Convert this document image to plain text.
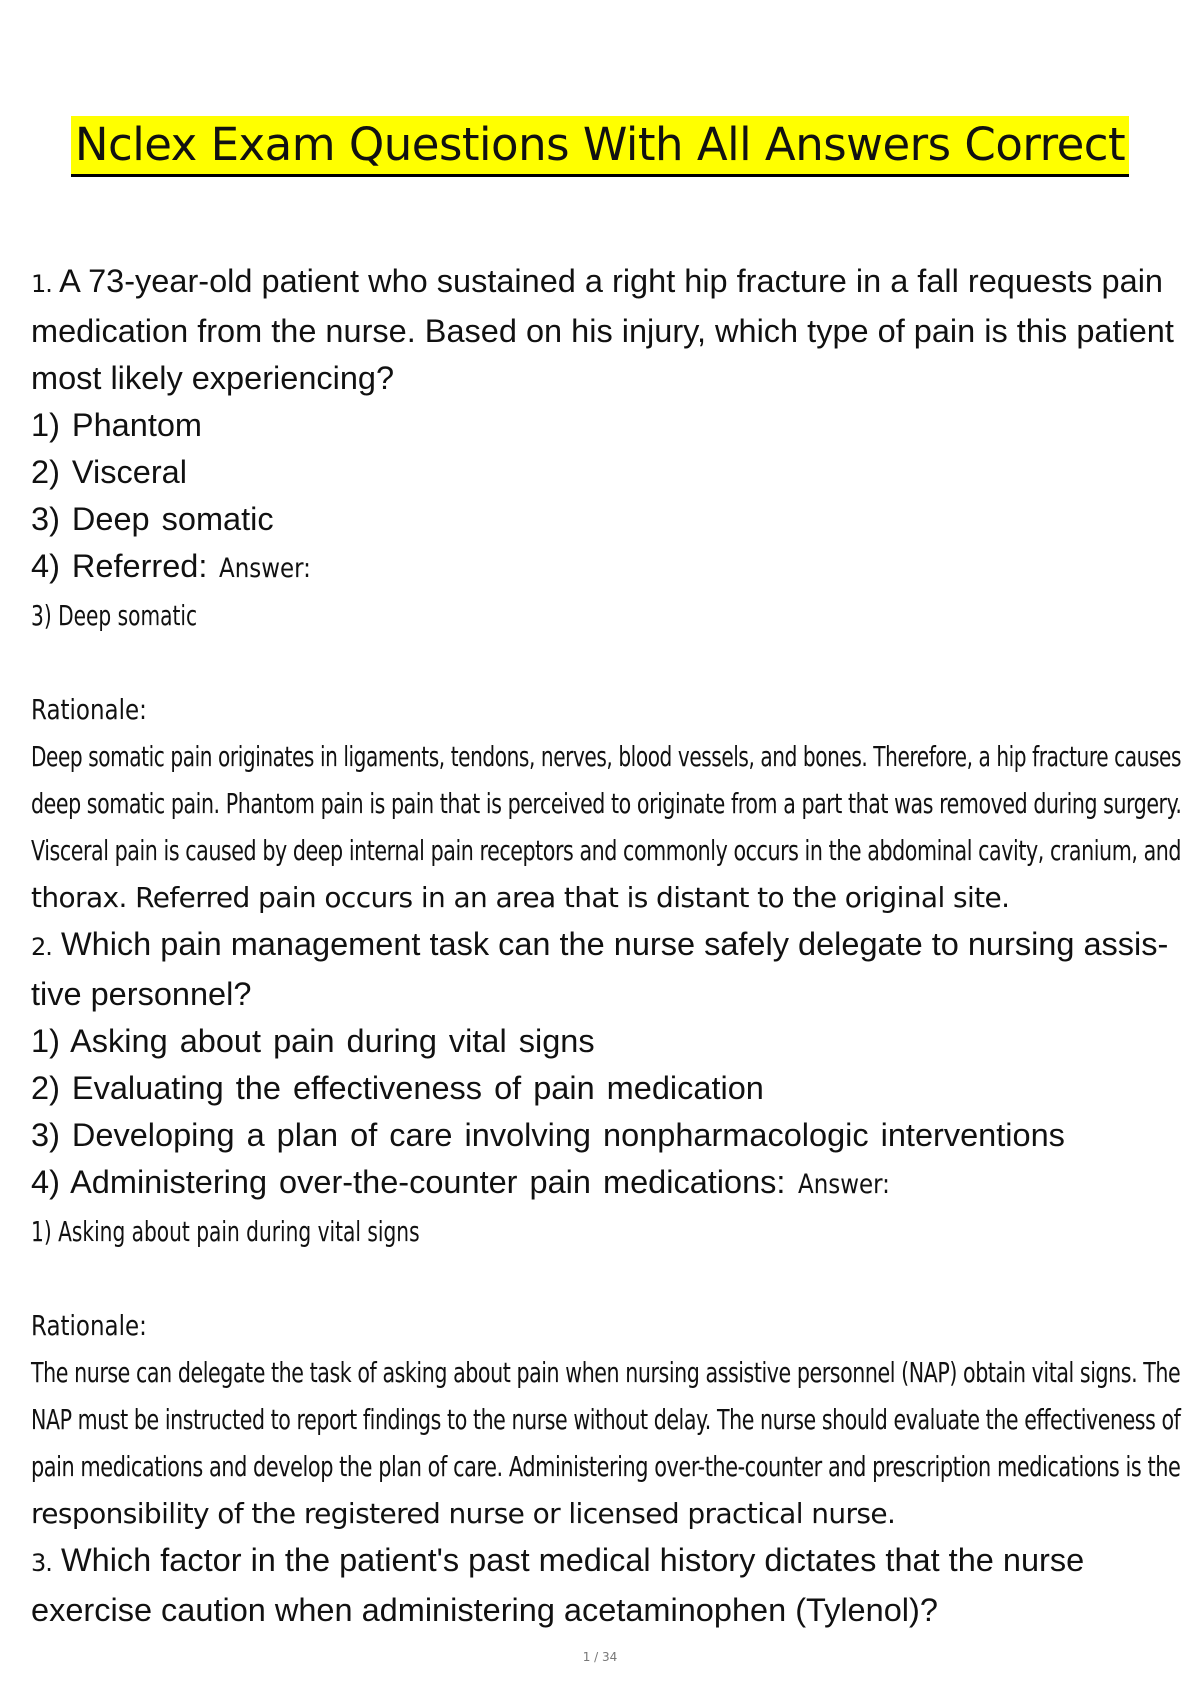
Nclex Exam Questions With All Answers Correct

1. A 73-year-old patient who sustained a right hip fracture in a fall requests pain

medication from the nurse. Based on his injury, which type of pain is this patient

most likely experiencing?

1) Phantom

2) Visceral

3) Deep somatic

4) Referred: Answer:

3) Deep somatic

Rationale:

Deep somatic pain originates in ligaments, tendons, nerves, blood vessels, and bones. Therefore, a hip fracture causes

deep somatic pain. Phantom pain is pain that is perceived to originate from a part that was removed during surgery.

Visceral pain is caused by deep internal pain receptors and commonly occurs in the abdominal cavity, cranium, and

thorax. Referred pain occurs in an area that is distant to the original site.

2. Which pain management task can the nurse safely delegate to nursing assis-

tive personnel?

1) Asking about pain during vital signs

2) Evaluating the effectiveness of pain medication

3) Developing a plan of care involving nonpharmacologic interventions

4) Administering over-the-counter pain medications: Answer:

1) Asking about pain during vital signs

Rationale:

The nurse can delegate the task of asking about pain when nursing assistive personnel (NAP) obtain vital signs. The

NAP must be instructed to report findings to the nurse without delay. The nurse should evaluate the effectiveness of

pain medications and develop the plan of care. Administering over-the-counter and prescription medications is the

responsibility of the registered nurse or licensed practical nurse.

3. Which factor in the patient's past medical history dictates that the nurse

exercise caution when administering acetaminophen (Tylenol)?

1 / 34
